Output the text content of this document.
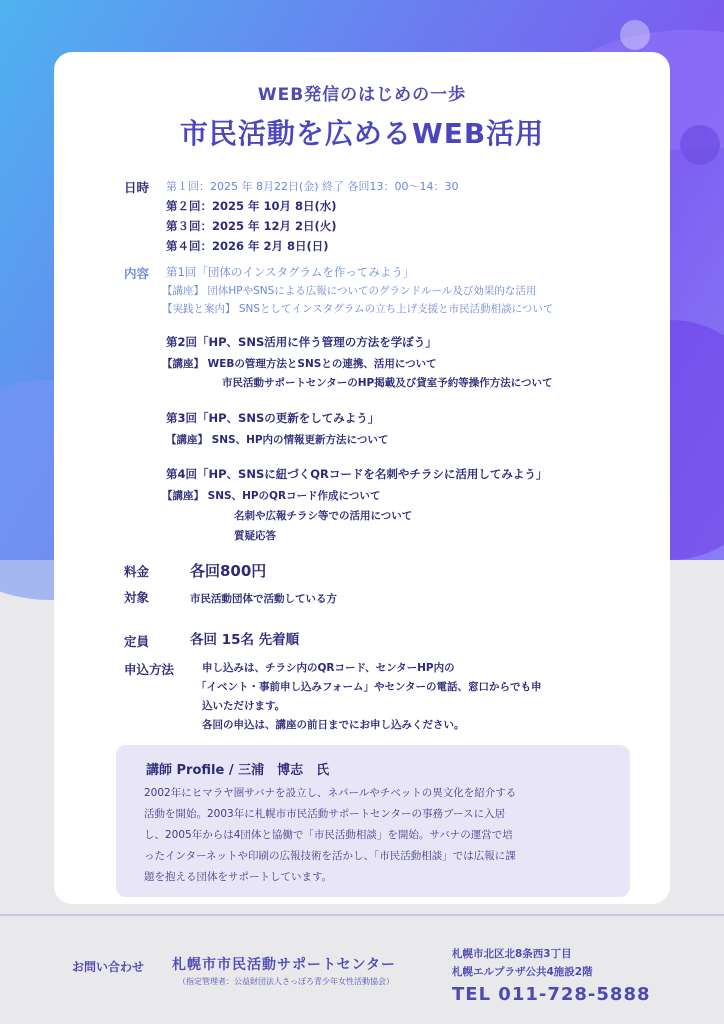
WEB発信のはじめの一歩
市民活動を広めるWEB活用
日時 第１回：2025 年 8月22日(金) 終了 各回13：00〜14：30
第２回：2025 年 10月 8日(水)
第３回：2025 年 12月 2日(火)
第４回：2026 年 2月 8日(日)
内容 第1回「団体のインスタグラムを作ってみよう」
【講座】 団体HPやSNSによる広報についてのグランドルール及び効果的な活用
【実践と案内】 SNSとしてインスタグラムの立ち上げ支援と市民活動相談について
第2回「HP、SNS活用に伴う管理の方法を学ぼう」
【講座】 WEBの管理方法とSNSとの連携、活用について
市民活動サポートセンターのHP掲載及び貸室予約等操作方法について
第3回「HP、SNSの更新をしてみよう」
【講座】 SNS、HP内の情報更新方法について
第4回「HP、SNSに紐づくQRコードを名刺やチラシに活用してみよう」
【講座】 SNS、HPのQRコード作成について
名刺や広報チラシ等での活用について
質疑応答
料金	各回800円
対象	市民活動団体で活動している方
定員	各回 15名 先着順
申込方法	申し込みは、チラシ内のQRコード、センターHP内の
「イベント・事前申し込みフォーム」やセンターの電話、窓口からでも申
込いただけます。
各回の申込は、講座の前日までにお申し込みください。
講師 Profile / 三浦　博志　氏
2002年にヒマラヤ圏サバナを設立し、ネパールやチベットの異文化を紹介する
活動を開始。2003年に札幌市市民活動サポートセンターの事務ブースに入居
し、2005年からは4団体と協働で「市民活動相談」を開始。サバナの運営で培
ったインターネットや印刷の広報技術を活かし、「市民活動相談」では広報に課
題を抱える団体をサポートしています。
お問い合わせ 札幌市市民活動サポートセンター
（指定管理者：公益財団法人さっぽろ青少年女性活動協会）
札幌市北区北8条西3丁目
札幌エルプラザ公共4施設2階
TEL 011-728-5888
